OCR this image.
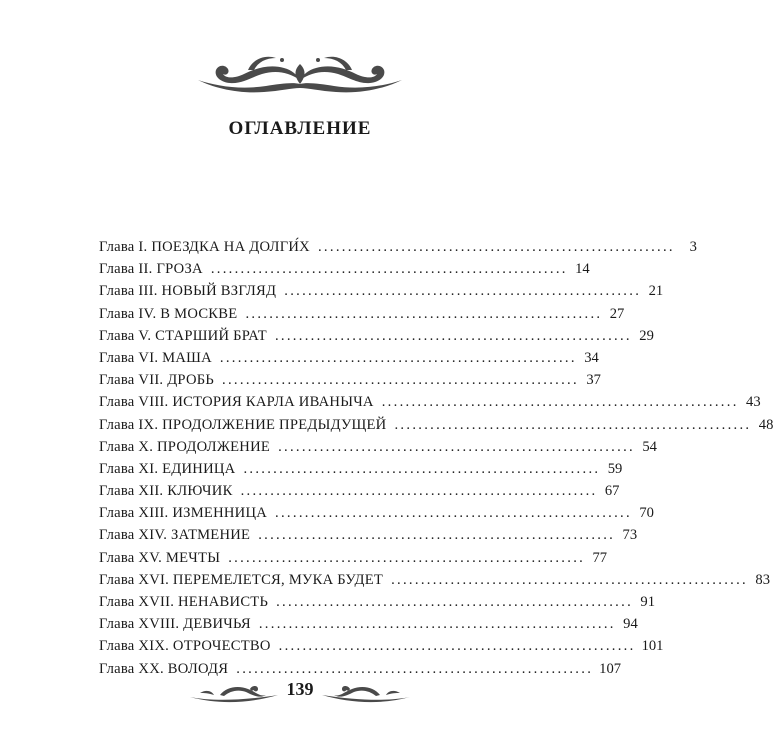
ОГЛАВЛЕНИЕ
Глава I. ПОЕЗДКА НА ДОЛГИ́Х ............................................................	3
Глава II. ГРОЗА ............................................................ 14
Глава III. НОВЫЙ ВЗГЛЯД ............................................................ 21
Глава IV. В МОСКВЕ ............................................................ 27
Глава V. СТАРШИЙ БРАТ ............................................................ 29
Глава VI. МАША ............................................................ 34
Глава VII. ДРОБЬ ............................................................ 37
Глава VIII. ИСТОРИЯ КАРЛА ИВАНЫЧА ............................................................ 43
Глава IX. ПРОДОЛЖЕНИЕ ПРЕДЫДУЩЕЙ ............................................................ 48
Глава X. ПРОДОЛЖЕНИЕ ............................................................ 54
Глава XI. ЕДИНИЦА ............................................................ 59
Глава XII. КЛЮЧИК ............................................................ 67
Глава XIII. ИЗМЕННИЦА ............................................................ 70
Глава XIV. ЗАТМЕНИЕ ............................................................ 73
Глава XV. МЕЧТЫ ............................................................ 77
Глава XVI. ПЕРЕМЕЛЕТСЯ, МУКА БУДЕТ ............................................................ 83
Глава XVII. НЕНАВИСТЬ ............................................................ 91
Глава XVIII. ДЕВИЧЬЯ ............................................................ 94
Глава XIX. ОТРОЧЕСТВО ............................................................ 101
Глава XX. ВОЛОДЯ ............................................................ 107
139
